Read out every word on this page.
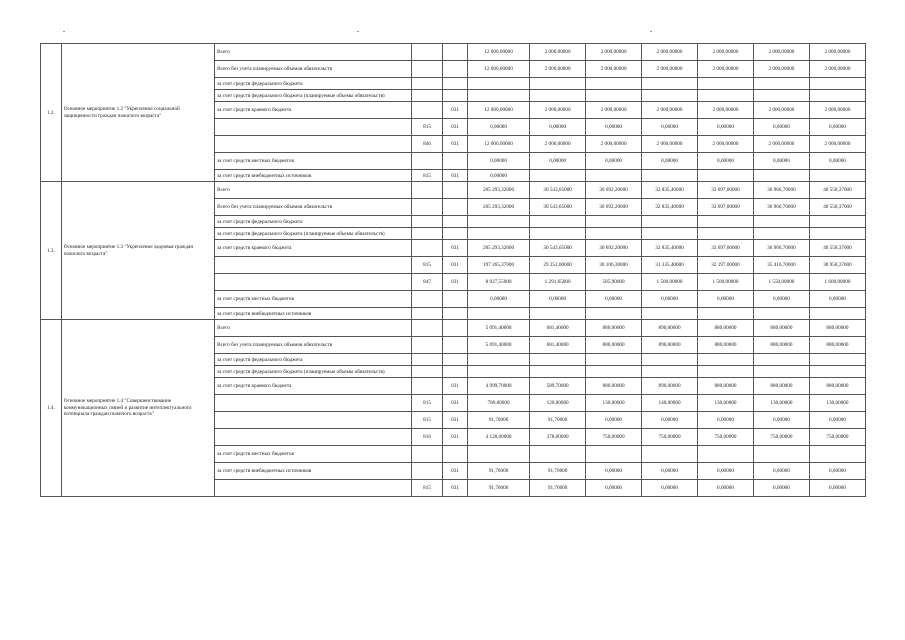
1.2.	Основное мероприятие 1.2 "Укрепление социальной защищенности граждан пожилого возраста"	Всего			12 000,00000	2 000,00000	2 000,00000	2 000,00000	2 000,00000	2 000,00000	2 000,00000
		Всего без учета планируемых объемов обязательств			12 000,00000	2 000,00000	2 000,00000	2 000,00000	2 000,00000	2 000,00000	2 000,00000
		за счет средств федерального бюджета									
		за счет средств федерального бюджета (планируемые объемы обязательств)									
		за счет средств краевого бюджета		031	12 000,00000	2 000,00000	2 000,00000	2 000,00000	2 000,00000	2 000,00000	2 000,00000
			815	031	0,00000	0,00000	0,00000	0,00000	0,00000	0,00000	0,00000
			846	031	12 000,00000	2 000,00000	2 000,00000	2 000,00000	2 000,00000	2 000,00000	2 000,00000
		за счет средств местных бюджетов			0,00000	0,00000	0,00000	0,00000	0,00000	0,00000	0,00000
		за счет средств внебюджетных источников	815	031	0,00000						
1.3.	Основное мероприятие 1.3 "Укрепление здоровья граждан пожилого возраста"	Всего			205 293,32000	30 543,65000	30 692,20000	32 835,40000	33 697,00000	36 966,70000	40 558,37000
		Всего без учета планируемых объемов обязательств			205 293,32000	30 543,65000	30 692,20000	32 835,40000	33 697,00000	36 966,70000	40 558,37000
		за счет средств федерального бюджета									
		за счет средств федерального бюджета (планируемые объемы обязательств)									
		за счет средств краевого бюджета		031	205 293,32000	30 543,65000	30 692,20000	32 835,40000	33 697,00000	36 966,70000	40 558,37000
			815	031	197 265,37000	29 252,00000	30 106,30000	31 335,40000	32 197,00000	35 416,70000	38 958,37000
			847	031	8 027,55000	1 291,65000	585,90000	1 500,00000	1 500,00000	1 550,00000	1 600,00000
		за счет средств местных бюджетов			0,00000	0,00000	0,00000	0,00000	0,00000	0,00000	0,00000
		за счет средств внебюджетных источников									
1.4.	Основное мероприятие 1.4 "Совершенствование коммуникационных связей и развитие интеллектуального потенциала граждан пожилого возраста"	Всего			5 091,40000	681,40000	880,00000	890,00000	880,00000	880,00000	880,00000
		Всего без учета планируемых объемов обязательств			5 091,40000	681,40000	880,00000	890,00000	880,00000	880,00000	880,00000
		за счет средств федерального бюджета									
		за счет средств федерального бюджета (планируемые объемы обязательств)									
		за счет средств краевого бюджета		031	4 999,70000	589,70000	880,00000	890,00000	880,00000	880,00000	880,00000
			815	031	780,00000	120,00000	130,00000	140,00000	130,00000	130,00000	130,00000
			815	031	91,70000	91,70000	0,00000	0,00000	0,00000	0,00000	0,00000
			816	031	4 128,00000	378,00000	750,00000	750,00000	750,00000	750,00000	750,00000
		за счет средств местных бюджетов									
		за счет средств внебюджетных источников		031	91,70000	91,70000	0,00000	0,00000	0,00000	0,00000	0,00000
			815	031	91,70000	91,70000	0,00000	0,00000	0,00000	0,00000	0,00000
